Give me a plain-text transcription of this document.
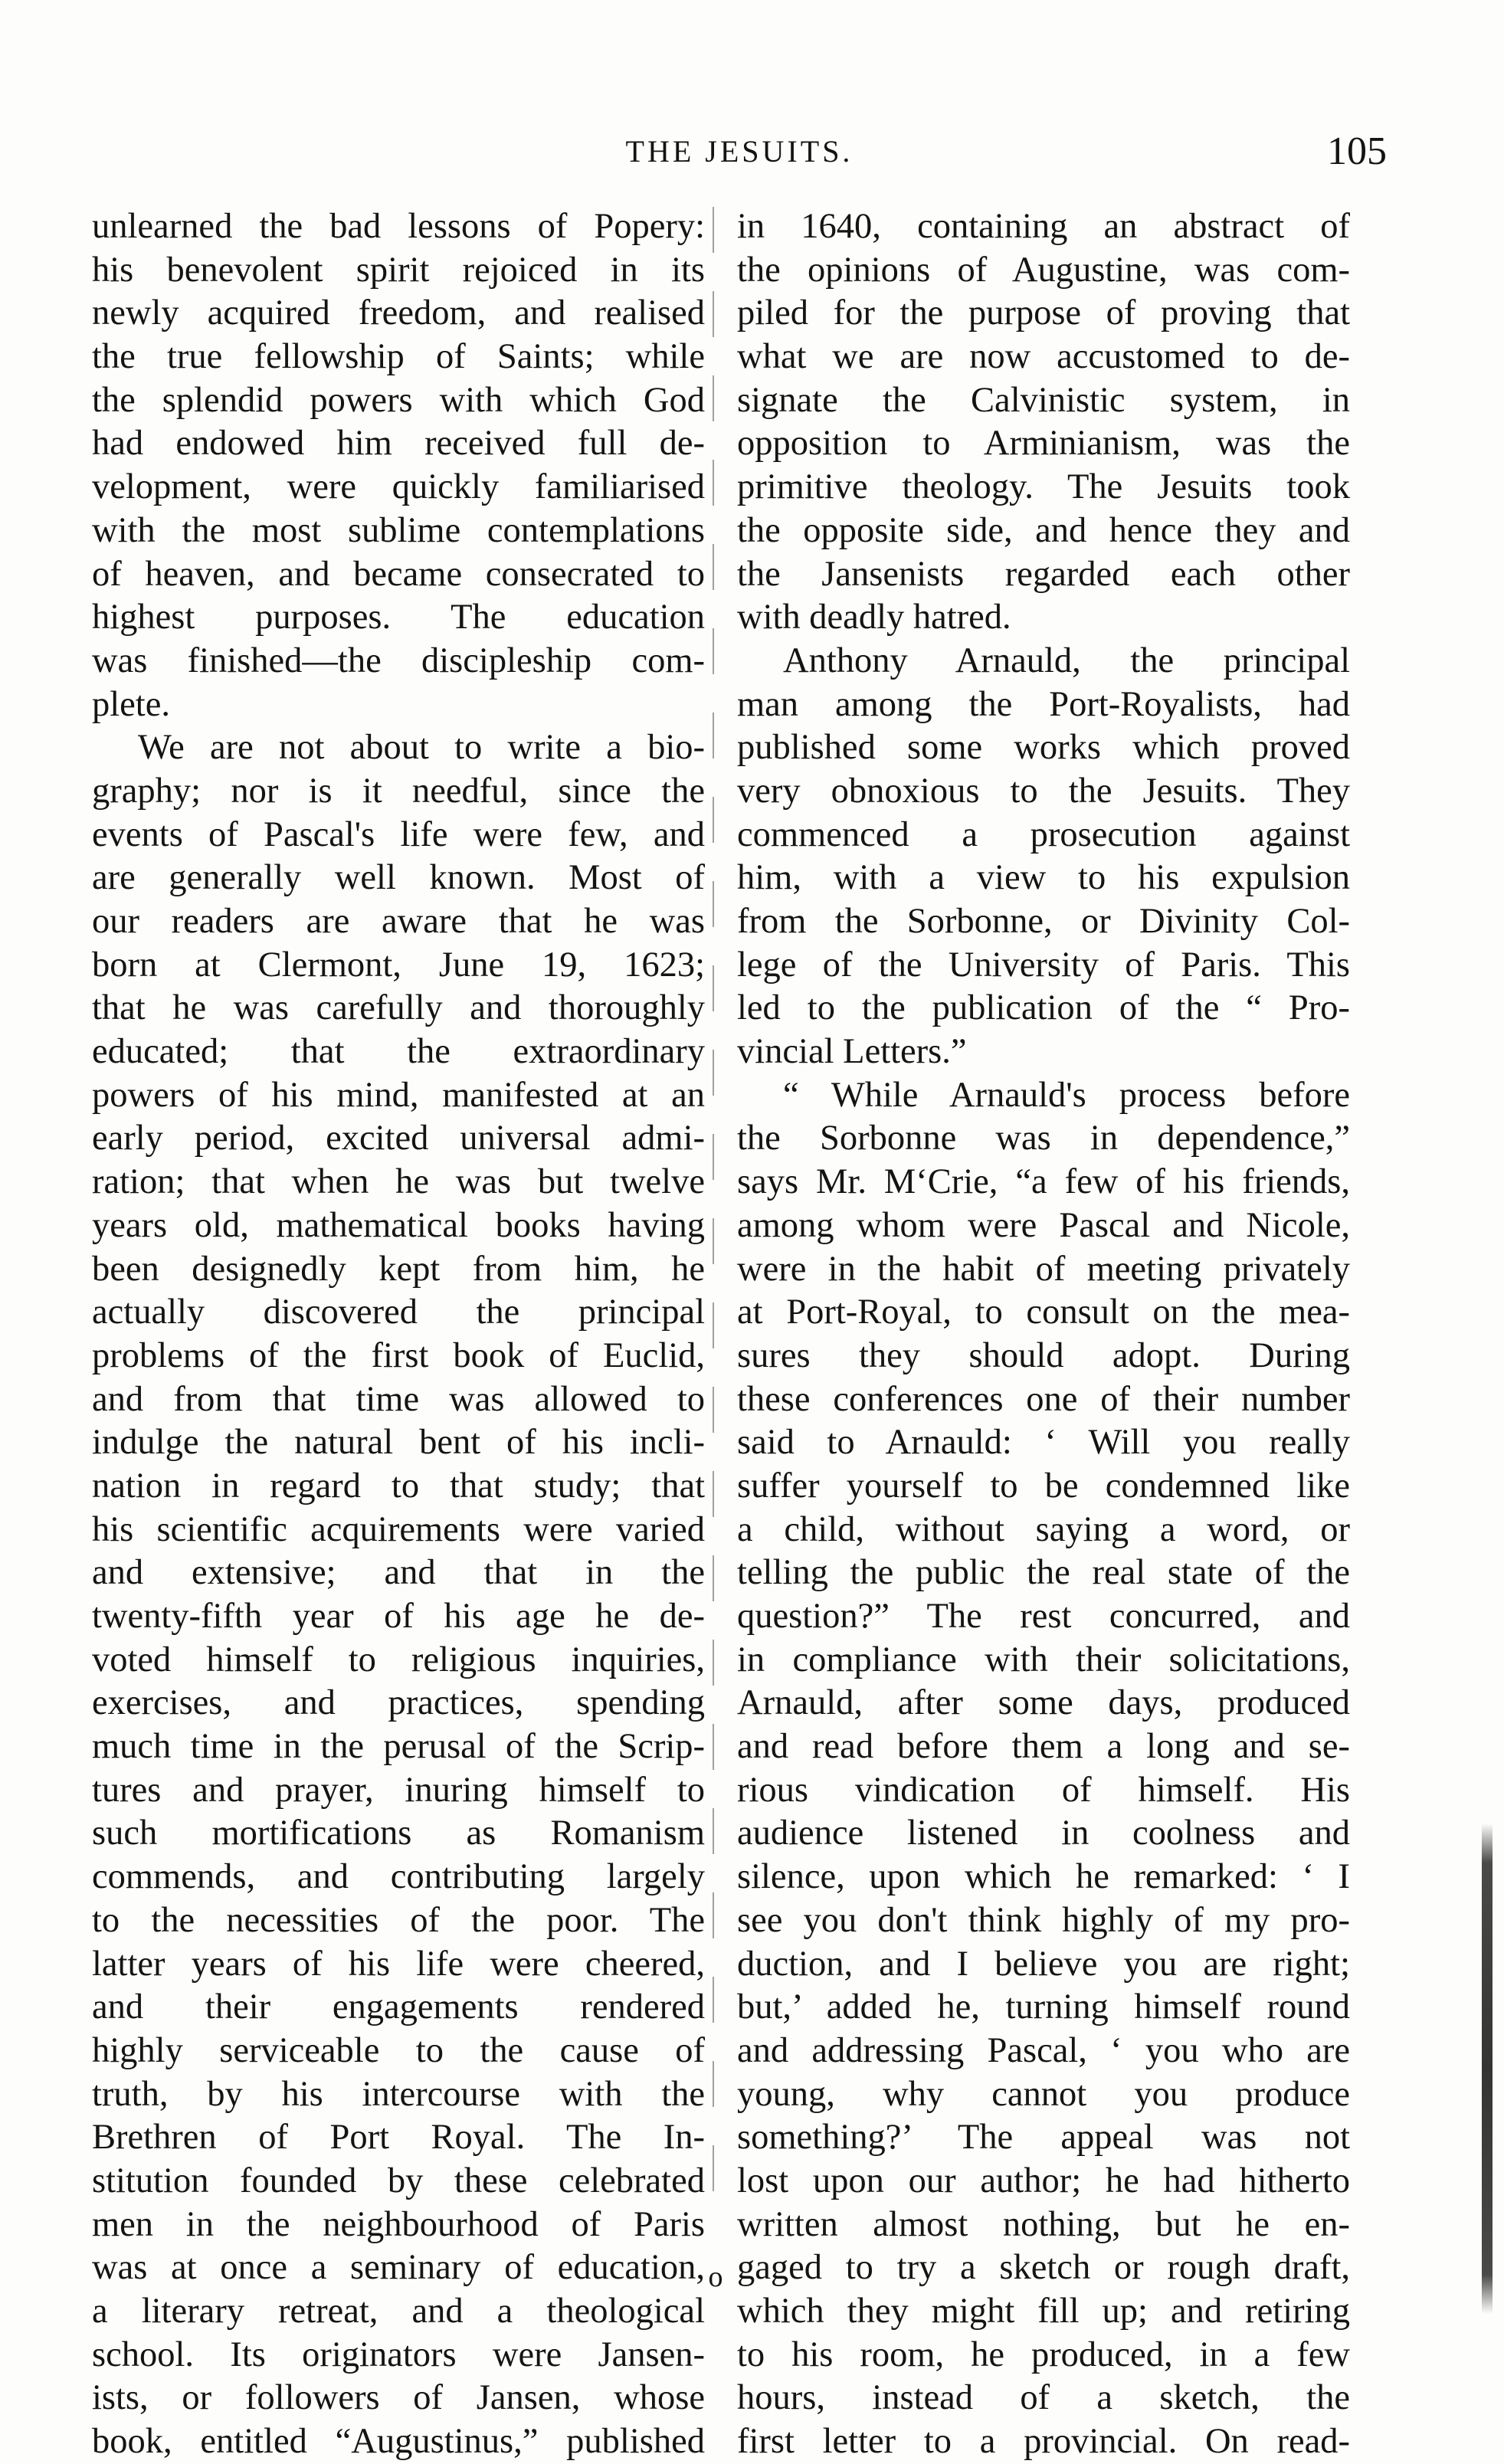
THE JESUITS.	105
unlearned the bad lessons of Popery:
his benevolent spirit rejoiced in its
newly acquired freedom, and realised
the true fellowship of Saints; while
the splendid powers with which God
had endowed him received full de-
velopment, were quickly familiarised
with the most sublime contemplations
of heaven, and became consecrated to
highest purposes. The education
was finished—the discipleship com-
plete.
We are not about to write a bio-
graphy; nor is it needful, since the
events of Pascal's life were few, and
are generally well known. Most of
our readers are aware that he was
born at Clermont, June 19, 1623;
that he was carefully and thoroughly
educated; that the extraordinary
powers of his mind, manifested at an
early period, excited universal admi-
ration; that when he was but twelve
years old, mathematical books having
been designedly kept from him, he
actually discovered the principal
problems of the first book of Euclid,
and from that time was allowed to
indulge the natural bent of his incli-
nation in regard to that study; that
his scientific acquirements were varied
and extensive; and that in the
twenty-fifth year of his age he de-
voted himself to religious inquiries,
exercises, and practices, spending
much time in the perusal of the Scrip-
tures and prayer, inuring himself to
such mortifications as Romanism
commends, and contributing largely
to the necessities of the poor. The
latter years of his life were cheered,
and their engagements rendered
highly serviceable to the cause of
truth, by his intercourse with the
Brethren of Port Royal. The In-
stitution founded by these celebrated
men in the neighbourhood of Paris
was at once a seminary of education,
a literary retreat, and a theological
school. Its originators were Jansen-
ists, or followers of Jansen, whose
book, entitled “Augustinus,” published
in 1640, containing an abstract of
the opinions of Augustine, was com-
piled for the purpose of proving that
what we are now accustomed to de-
signate the Calvinistic system, in
opposition to Arminianism, was the
primitive theology. The Jesuits took
the opposite side, and hence they and
the Jansenists regarded each other
with deadly hatred.
Anthony Arnauld, the principal
man among the Port-Royalists, had
published some works which proved
very obnoxious to the Jesuits. They
commenced a prosecution against
him, with a view to his expulsion
from the Sorbonne, or Divinity Col-
lege of the University of Paris. This
led to the publication of the “ Pro-
vincial Letters.”
“ While Arnauld's process before
the Sorbonne was in dependence,”
says Mr. M‘Crie, “a few of his friends,
among whom were Pascal and Nicole,
were in the habit of meeting privately
at Port-Royal, to consult on the mea-
sures they should adopt. During
these conferences one of their number
said to Arnauld: ‘ Will you really
suffer yourself to be condemned like
a child, without saying a word, or
telling the public the real state of the
question?” The rest concurred, and
in compliance with their solicitations,
Arnauld, after some days, produced
and read before them a long and se-
rious vindication of himself. His
audience listened in coolness and
silence, upon which he remarked: ‘ I
see you don't think highly of my pro-
duction, and I believe you are right;
but,’ added he, turning himself round
and addressing Pascal, ‘ you who are
young, why cannot you produce
something?’ The appeal was not
lost upon our author; he had hitherto
written almost nothing, but he en-
gaged to try a sketch or rough draft,
which they might fill up; and retiring
to his room, he produced, in a few
hours, instead of a sketch, the
first letter to a provincial. On read-
o
